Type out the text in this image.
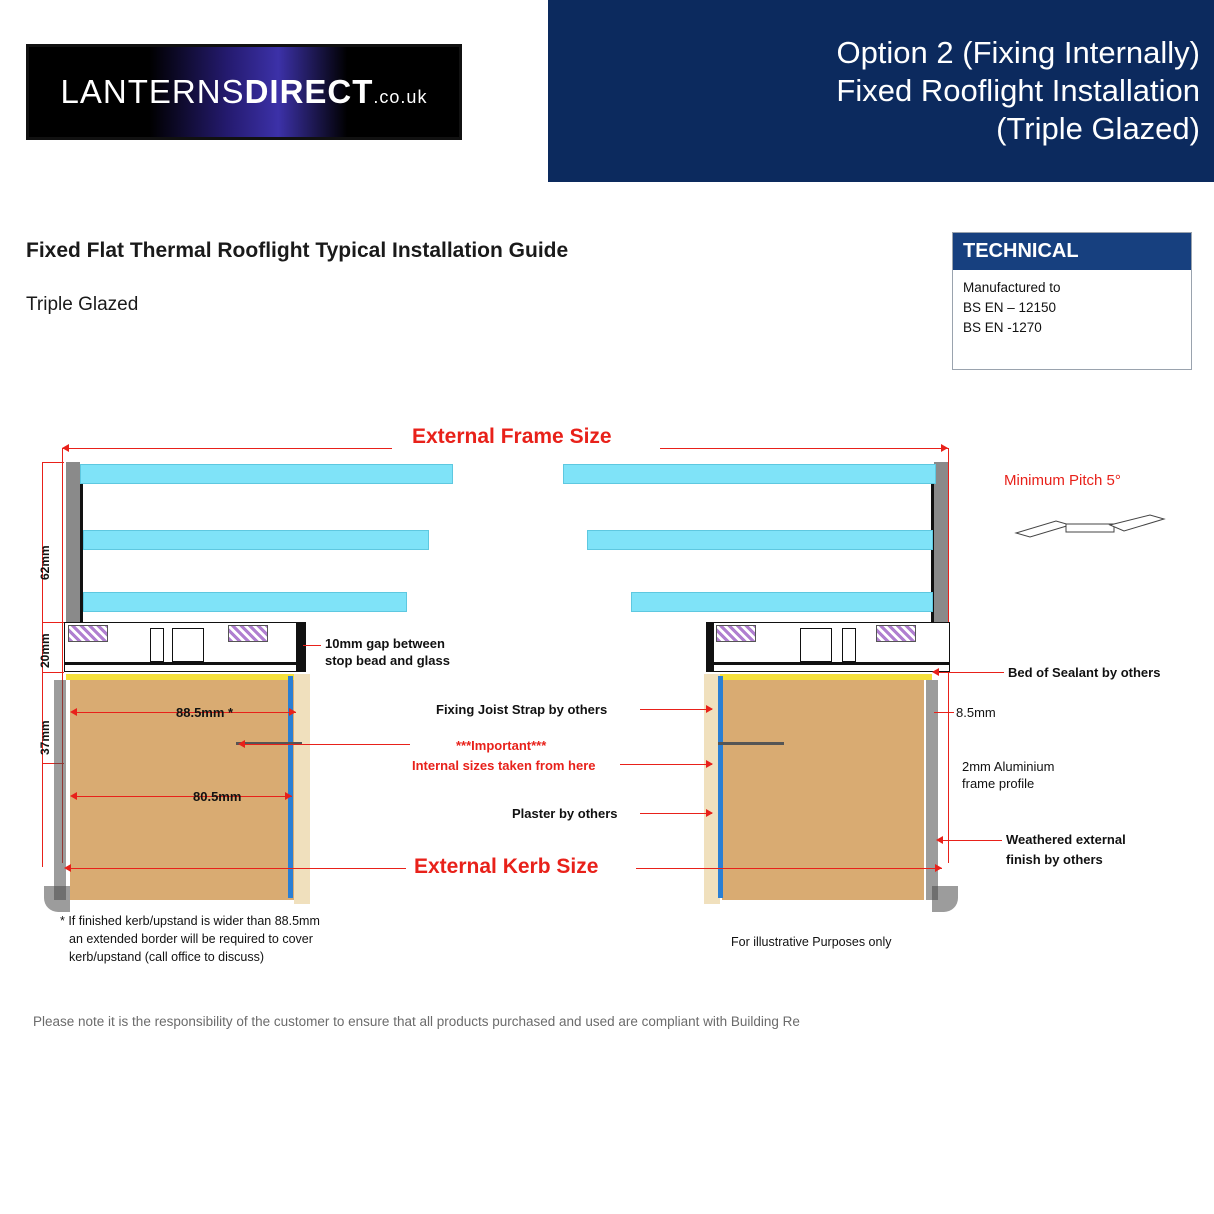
LANTERNSDIRECT.co.uk
Option 2 (Fixing Internally)
Fixed Rooflight Installation
(Triple Glazed)
Fixed Flat Thermal Rooflight Typical Installation Guide
Triple Glazed
TECHNICAL
Manufactured to
BS EN – 12150
BS EN -1270
External Frame Size
62mm
20mm
37mm
88.5mm *
80.5mm
8.5mm
10mm gap between
stop bead and glass
Fixing Joist Strap by others
***Important***
Internal sizes taken from here
Plaster by others
Bed of Sealant by others
2mm Aluminium
frame profile
Weathered external
finish by others
External Kerb Size
Minimum Pitch 5°
* If finished kerb/upstand is wider than 88.5mm
an extended border will be required to cover
kerb/upstand (call office to discuss)
For illustrative Purposes only
Please note it is the responsibility of the customer to ensure that all products purchased and used are compliant with Building Re
